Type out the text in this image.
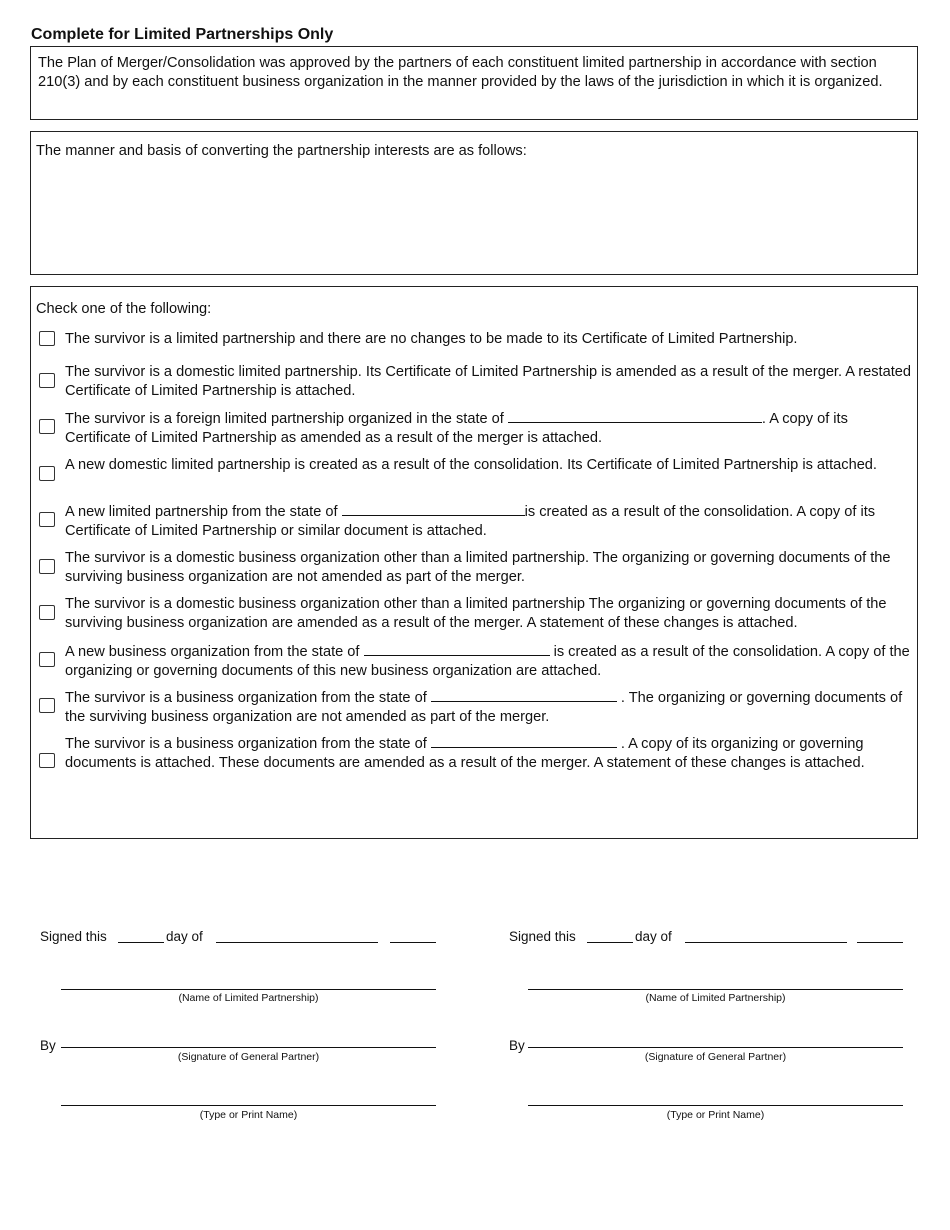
Complete for Limited Partnerships Only
The Plan of Merger/Consolidation was approved by the partners of each constituent limited partnership in accordance with section 210(3) and by each constituent business organization in the manner provided by the laws of the jurisdiction in which it is organized.
The manner and basis of converting the partnership interests are as follows:
Check one of the following:
The survivor is a limited partnership and there are no changes to be made to its Certificate of Limited Partnership.
The survivor is a domestic limited partnership. Its Certificate of Limited Partnership is amended as a result of the merger. A restated Certificate of Limited Partnership is attached.
The survivor is a foreign limited partnership organized in the state of	. A copy of its Certificate of Limited Partnership as amended as a result of the merger is attached.
A new domestic limited partnership is created as a result of the consolidation. Its Certificate of Limited Partnership is attached.
A new limited partnership from the state of	is created as a result of the consolidation. A copy of its Certificate of Limited Partnership or similar document is attached.
The survivor is a domestic business organization other than a limited partnership. The organizing or governing documents of the surviving business organization are not amended as part of the merger.
The survivor is a domestic business organization other than a limited partnership The organizing or governing documents of the surviving business organization are amended as a result of the merger. A statement of these changes is attached.
A new business organization from the state of	is created as a result of the consolidation. A copy of the organizing or governing documents of this new business organization are attached.
The survivor is a business organization from the state of	. The organizing or governing documents of the surviving business organization are not amended as part of the merger.
The survivor is a business organization from the state of	. A copy of its organizing or governing documents is attached. These documents are amended as a result of the merger. A statement of these changes is attached.
Signed this	day of
(Name of Limited Partnership)
By
(Signature of General Partner)
(Type or Print Name)
Signed this	day of
(Name of Limited Partnership)
By
(Signature of General Partner)
(Type or Print Name)
